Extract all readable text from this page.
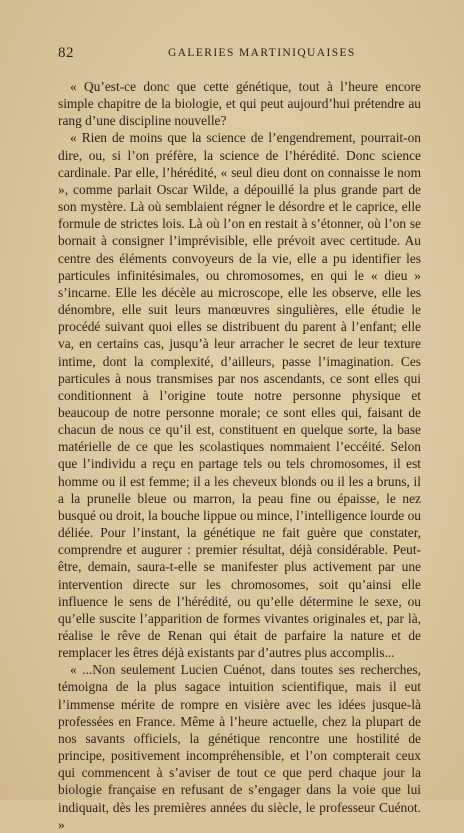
82	GALERIES MARTINIQUAISES

« Qu’est-ce donc que cette génétique, tout à l’heure encore simple chapitre de la biologie, et qui peut aujourd’hui prétendre au rang d’une discipline nouvelle?

« Rien de moins que la science de l’engendrement, pourrait-on dire, ou, si l’on préfère, la science de l’hérédité. Donc science cardinale. Par elle, l’hérédité, « seul dieu dont on connaisse le nom », comme parlait Oscar Wilde, a dépouillé la plus grande part de son mystère. Là où semblaient régner le désordre et le caprice, elle formule de strictes lois. Là où l’on en restait à s’étonner, où l’on se bornait à consigner l’imprévisible, elle prévoit avec certitude. Au centre des éléments convoyeurs de la vie, elle a pu identifier les particules infinitésimales, ou chromosomes, en qui le « dieu » s’incarne. Elle les décèle au microscope, elle les observe, elle les dénombre, elle suit leurs manœuvres singulières, elle étudie le procédé suivant quoi elles se distribuent du parent à l’enfant; elle va, en certains cas, jusqu’à leur arracher le secret de leur texture intime, dont la complexité, d’ailleurs, passe l’imagination. Ces particules à nous transmises par nos ascendants, ce sont elles qui conditionnent à l’origine toute notre personne physique et beaucoup de notre personne morale; ce sont elles qui, faisant de chacun de nous ce qu’il est, constituent en quelque sorte, la base matérielle de ce que les scolastiques nommaient l’eccéité. Selon que l’individu a reçu en partage tels ou tels chromosomes, il est homme ou il est femme; il a les cheveux blonds ou il les a bruns, il a la prunelle bleue ou marron, la peau fine ou épaisse, le nez busqué ou droit, la bouche lippue ou mince, l’intelligence lourde ou déliée. Pour l’instant, la génétique ne fait guère que constater, comprendre et augurer : premier résultat, déjà considérable. Peut-être, demain, saura-t-elle se manifester plus activement par une intervention directe sur les chromosomes, soit qu’ainsi elle influence le sens de l’hérédité, ou qu’elle détermine le sexe, ou qu’elle suscite l’apparition de formes vivantes originales et, par là, réalise le rêve de Renan qui était de parfaire la nature et de remplacer les êtres déjà existants par d’autres plus accomplis...

« ...Non seulement Lucien Cuénot, dans toutes ses recherches, témoigna de la plus sagace intuition scientifique, mais il eut l’immense mérite de rompre en visière avec les idées jusque-là professées en France. Même à l’heure actuelle, chez la plupart de nos savants officiels, la génétique rencontre une hostilité de principe, positivement incompréhensible, et l’on compterait ceux qui commencent à s’aviser de tout ce que perd chaque jour la biologie française en refusant de s’engager dans la voie que lui indiquait, dès les premières années du siècle, le professeur Cuénot. »
